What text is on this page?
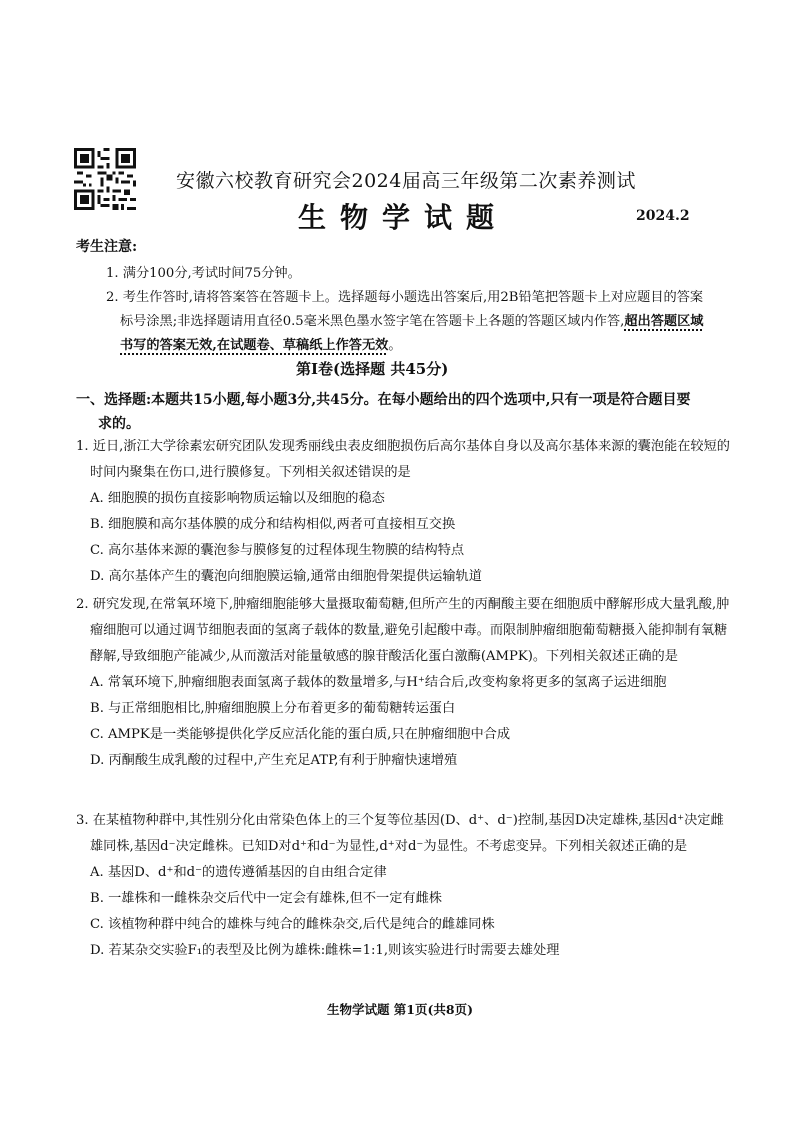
安徽六校教育研究会2024届高三年级第二次素养测试
生物学试题	2024.2
考生注意:
1. 满分100分,考试时间75分钟。
2. 考生作答时,请将答案答在答题卡上。选择题每小题选出答案后,用2B铅笔把答题卡上对应题目的答案
标号涂黑;非选择题请用直径0.5毫米黑色墨水签字笔在答题卡上各题的答题区域内作答,超出答题区域
书写的答案无效,在试题卷、草稿纸上作答无效。
第Ⅰ卷(选择题 共45分)
一、选择题:本题共15小题,每小题3分,共45分。在每小题给出的四个选项中,只有一项是符合题目要
求的。
1. 近日,浙江大学徐素宏研究团队发现秀丽线虫表皮细胞损伤后高尔基体自身以及高尔基体来源的囊泡能在较短的时间内聚集在伤口,进行膜修复。下列相关叙述错误的是
A. 细胞膜的损伤直接影响物质运输以及细胞的稳态
B. 细胞膜和高尔基体膜的成分和结构相似,两者可直接相互交换
C. 高尔基体来源的囊泡参与膜修复的过程体现生物膜的结构特点
D. 高尔基体产生的囊泡向细胞膜运输,通常由细胞骨架提供运输轨道
2. 研究发现,在常氧环境下,肿瘤细胞能够大量摄取葡萄糖,但所产生的丙酮酸主要在细胞质中酵解形成大量乳酸,肿瘤细胞可以通过调节细胞表面的氢离子载体的数量,避免引起酸中毒。而限制肿瘤细胞葡萄糖摄入能抑制有氧糖酵解,导致细胞产能减少,从而激活对能量敏感的腺苷酸活化蛋白激酶(AMPK)。下列相关叙述正确的是
A. 常氧环境下,肿瘤细胞表面氢离子载体的数量增多,与H⁺结合后,改变构象将更多的氢离子运进细胞
B. 与正常细胞相比,肿瘤细胞膜上分布着更多的葡萄糖转运蛋白
C. AMPK是一类能够提供化学反应活化能的蛋白质,只在肿瘤细胞中合成
D. 丙酮酸生成乳酸的过程中,产生充足ATP,有利于肿瘤快速增殖
3. 在某植物种群中,其性别分化由常染色体上的三个复等位基因(D、d⁺、d⁻)控制,基因D决定雄株,基因d⁺决定雌雄同株,基因d⁻决定雌株。已知D对d⁺和d⁻为显性,d⁺对d⁻为显性。不考虑变异。下列相关叙述正确的是
A. 基因D、d⁺和d⁻的遗传遵循基因的自由组合定律
B. 一雄株和一雌株杂交后代中一定会有雄株,但不一定有雌株
C. 该植物种群中纯合的雄株与纯合的雌株杂交,后代是纯合的雌雄同株
D. 若某杂交实验F₁的表型及比例为雄株:雌株=1:1,则该实验进行时需要去雄处理
生物学试题 第1页(共8页)
